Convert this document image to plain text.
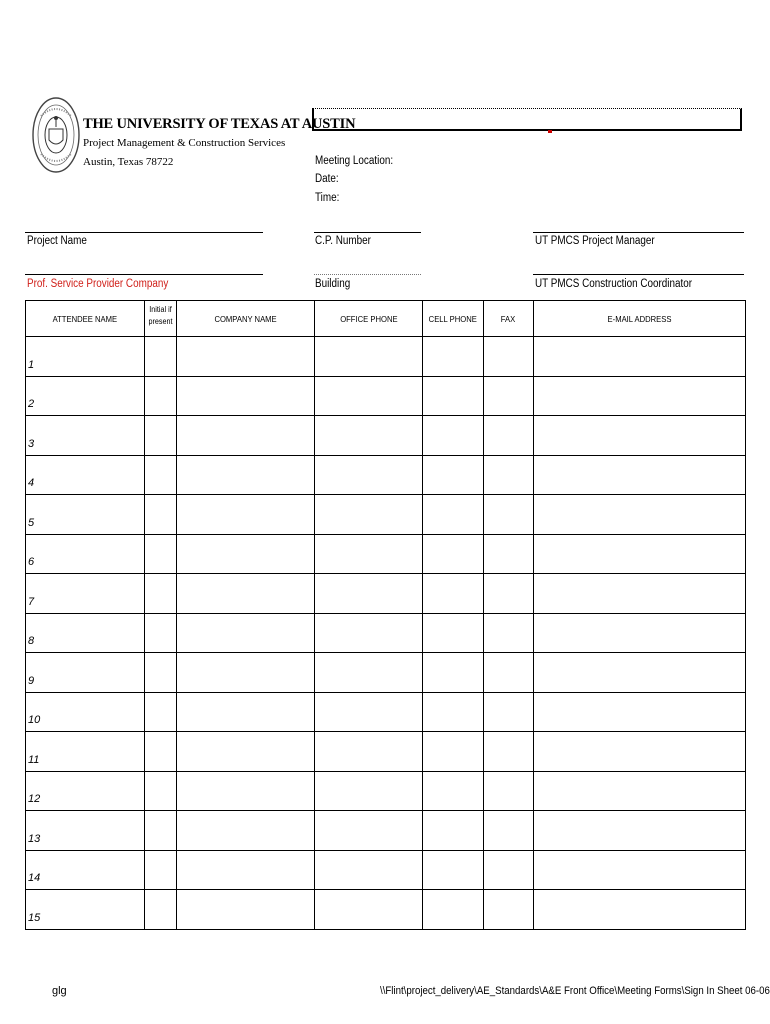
THE UNIVERSITY OF TEXAS AT AUSTIN
Project Management & Construction Services
Austin, Texas 78722	Meeting Location:
Date:
Time:
Project Name	C.P. Number	UT PMCS Project Manager
Prof. Service Provider Company	Building	UT PMCS Construction Coordinator
ATTENDEE NAME	Initial if present	COMPANY NAME	OFFICE PHONE	CELL PHONE	FAX	E-MAIL ADDRESS

1						

2						

3						

4						

5						

6						

7						

8						

9						

10						

11						

12						

13						

14						

15						

glg	\\Flint\project_delivery\AE_Standards\A&E Front Office\Meeting Forms\Sign In Sheet 06-06
